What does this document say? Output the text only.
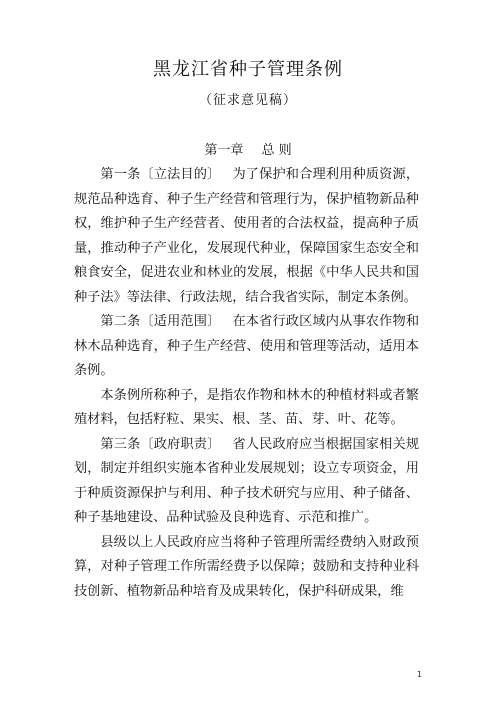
黑龙江省种子管理条例
（征求意见稿）
第一章 总 则

第一条〔立法目的〕 为了保护和合理利用种质资源，规范品种选育、种子生产经营和管理行为，保护植物新品种权，维护种子生产经营者、使用者的合法权益，提高种子质量，推动种子产业化，发展现代种业，保障国家生态安全和粮食安全，促进农业和林业的发展，根据《中华人民共和国种子法》等法律、行政法规，结合我省实际，制定本条例。

第二条〔适用范围〕 在本省行政区域内从事农作物和林木品种选育，种子生产经营、使用和管理等活动，适用本条例。

本条例所称种子，是指农作物和林木的种植材料或者繁殖材料，包括籽粒、果实、根、茎、苗、芽、叶、花等。

第三条〔政府职责〕 省人民政府应当根据国家相关规划，制定并组织实施本省种业发展规划；设立专项资金，用于种质资源保护与利用、种子技术研究与应用、种子储备、种子基地建设、品种试验及良种选育、示范和推广。

县级以上人民政府应当将种子管理所需经费纳入财政预算，对种子管理工作所需经费予以保障；鼓励和支持种业科技创新、植物新品种培育及成果转化，保护科研成果，维

1
